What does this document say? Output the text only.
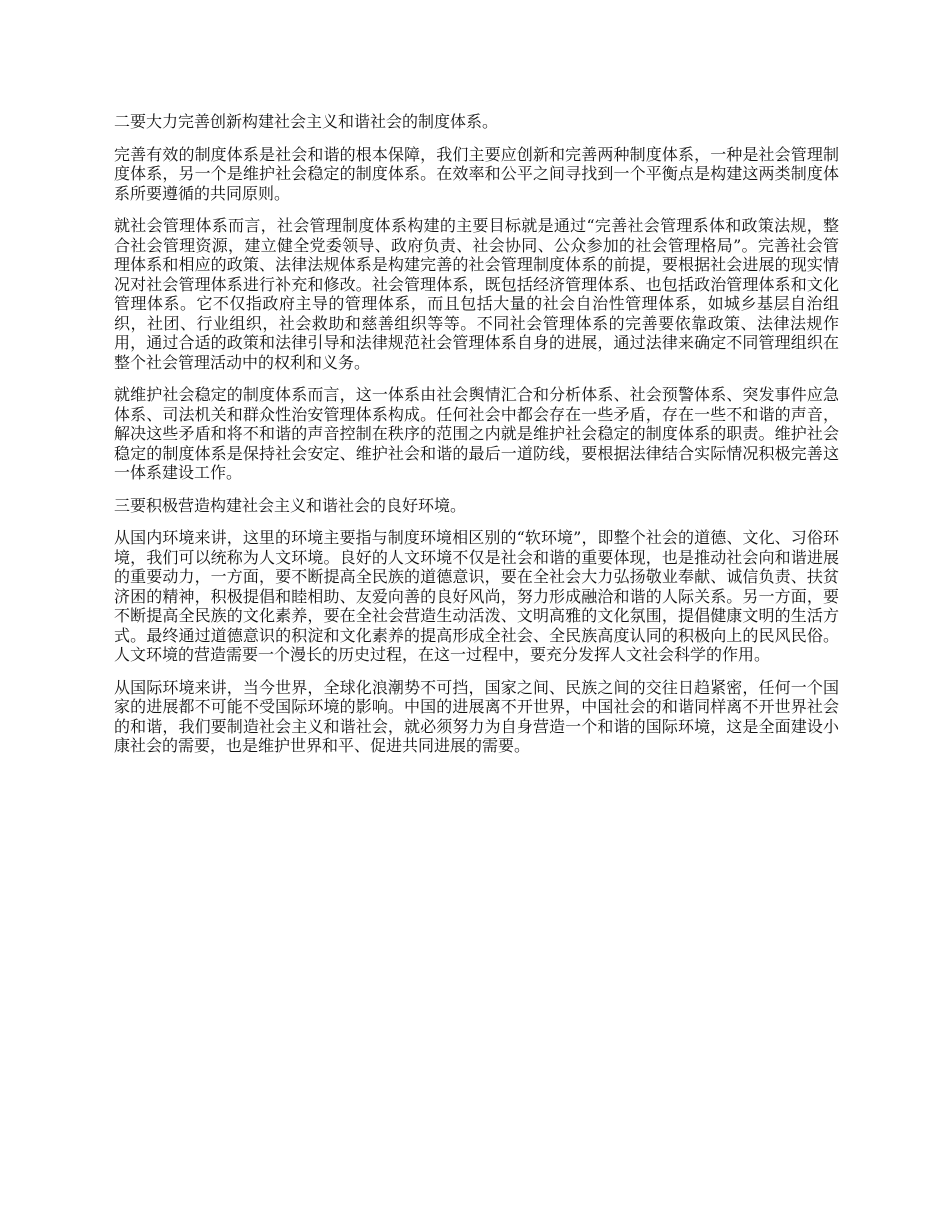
二要大力完善创新构建社会主义和谐社会的制度体系。

完善有效的制度体系是社会和谐的根本保障，我们主要应创新和完善两种制度体系，一种是社会管理制度体系，另一个是维护社会稳定的制度体系。在效率和公平之间寻找到一个平衡点是构建这两类制度体系所要遵循的共同原则。

就社会管理体系而言，社会管理制度体系构建的主要目标就是通过“完善社会管理系体和政策法规，整合社会管理资源，建立健全党委领导、政府负责、社会协同、公众参加的社会管理格局”。完善社会管理体系和相应的政策、法律法规体系是构建完善的社会管理制度体系的前提，要根据社会进展的现实情况对社会管理体系进行补充和修改。社会管理体系，既包括经济管理体系、也包括政治管理体系和文化管理体系。它不仅指政府主导的管理体系，而且包括大量的社会自治性管理体系，如城乡基层自治组织，社团、行业组织，社会救助和慈善组织等等。不同社会管理体系的完善要依靠政策、法律法规作用，通过合适的政策和法律引导和法律规范社会管理体系自身的进展，通过法律来确定不同管理组织在整个社会管理活动中的权利和义务。

就维护社会稳定的制度体系而言，这一体系由社会舆情汇合和分析体系、社会预警体系、突发事件应急体系、司法机关和群众性治安管理体系构成。任何社会中都会存在一些矛盾，存在一些不和谐的声音，解决这些矛盾和将不和谐的声音控制在秩序的范围之内就是维护社会稳定的制度体系的职责。维护社会稳定的制度体系是保持社会安定、维护社会和谐的最后一道防线，要根据法律结合实际情况积极完善这一体系建设工作。

三要积极营造构建社会主义和谐社会的良好环境。

从国内环境来讲，这里的环境主要指与制度环境相区别的“软环境”，即整个社会的道德、文化、习俗环境，我们可以统称为人文环境。良好的人文环境不仅是社会和谐的重要体现，也是推动社会向和谐进展的重要动力，一方面，要不断提高全民族的道德意识，要在全社会大力弘扬敬业奉献、诚信负责、扶贫济困的精神，积极提倡和睦相助、友爱向善的良好风尚，努力形成融洽和谐的人际关系。另一方面，要不断提高全民族的文化素养，要在全社会营造生动活泼、文明高雅的文化氛围，提倡健康文明的生活方式。最终通过道德意识的积淀和文化素养的提高形成全社会、全民族高度认同的积极向上的民风民俗。人文环境的营造需要一个漫长的历史过程，在这一过程中，要充分发挥人文社会科学的作用。

从国际环境来讲，当今世界，全球化浪潮势不可挡，国家之间、民族之间的交往日趋紧密，任何一个国家的进展都不可能不受国际环境的影响。中国的进展离不开世界，中国社会的和谐同样离不开世界社会的和谐，我们要制造社会主义和谐社会，就必须努力为自身营造一个和谐的国际环境，这是全面建设小康社会的需要，也是维护世界和平、促进共同进展的需要。
